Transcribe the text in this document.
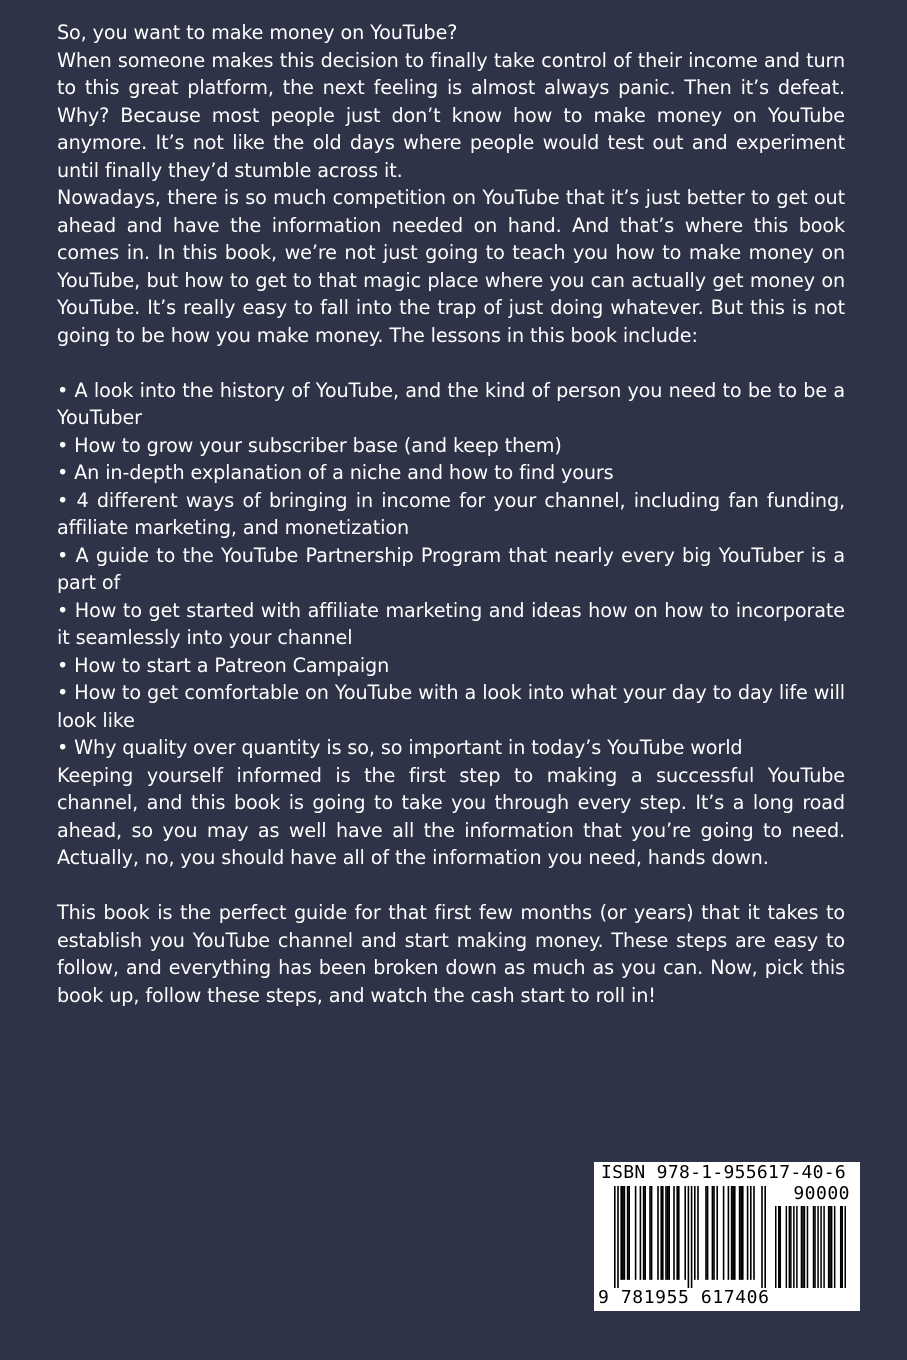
So, you want to make money on YouTube?

When someone makes this decision to finally take control of their income and turn to this great platform, the next feeling is almost always panic. Then it’s defeat. Why? Because most people just don’t know how to make money on YouTube anymore. It’s not like the old days where people would test out and experiment until finally they’d stumble across it.

Nowadays, there is so much competition on YouTube that it’s just better to get out ahead and have the information needed on hand. And that’s where this book comes in. In this book, we’re not just going to teach you how to make money on YouTube, but how to get to that magic place where you can actually get money on YouTube. It’s really easy to fall into the trap of just doing whatever. But this is not going to be how you make money. The lessons in this book include:

• A look into the history of YouTube, and the kind of person you need to be to be a YouTuber

• How to grow your subscriber base (and keep them)

• An in-depth explanation of a niche and how to find yours

• 4 different ways of bringing in income for your channel, including fan funding, affiliate marketing, and monetization

• A guide to the YouTube Partnership Program that nearly every big YouTuber is a part of

• How to get started with affiliate marketing and ideas how on how to incorporate it seamlessly into your channel

• How to start a Patreon Campaign

• How to get comfortable on YouTube with a look into what your day to day life will look like

• Why quality over quantity is so, so important in today’s YouTube world

Keeping yourself informed is the first step to making a successful YouTube channel, and this book is going to take you through every step. It’s a long road ahead, so you may as well have all the information that you’re going to need. Actually, no, you should have all of the information you need, hands down.

This book is the perfect guide for that first few months (or years) that it takes to establish you YouTube channel and start making money. These steps are easy to follow, and everything has been broken down as much as you can. Now, pick this book up, follow these steps, and watch the cash start to roll in!

ISBN 978-1-955617-40-6
90000
9 781955 617406
